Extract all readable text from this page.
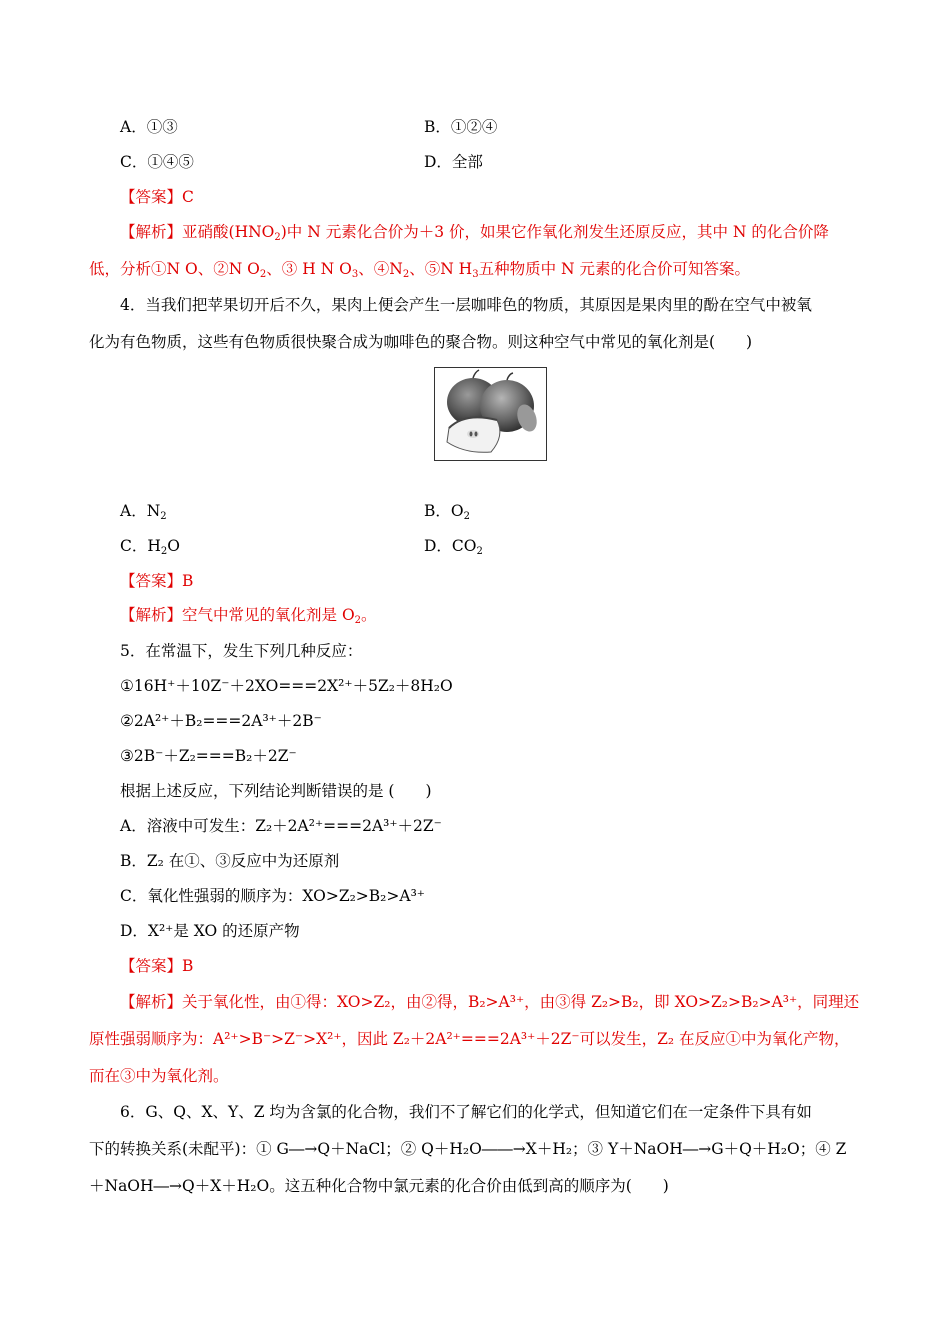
A．①③	B．①②④
C．①④⑤	D．全部
【答案】C
【解析】亚硝酸$(HNO_2)$中 N 元素化合价为＋3 价，如果它作氧化剂发生还原反应，其中 N 的化合价降
低，分析①N O、②N $O_2$、③ H N $O_3$、$④N_2$、⑤N $H_3$五种物质中 N 元素的化合价可知答案。
4．当我们把苹果切开后不久，果肉上便会产生一层咖啡色的物质，其原因是果肉里的酚在空气中被氧
化为有色物质，这些有色物质很快聚合成为咖啡色的聚合物。则这种空气中常见的氧化剂是(　　)
A．$N_2$	B．$O_2$
C．$H_2O$	D．$CO_2$
【答案】B
【解析】空气中常见的氧化剂是 $O_2$。
5．在常温下，发生下列几种反应：
①16H⁺＋10Z⁻＋2XO===2X²⁺＋5Z₂＋8H₂O
②2A²⁺＋B₂===2A³⁺＋2B⁻
③2B⁻＋Z₂===B₂＋2Z⁻
根据上述反应，下列结论判断错误的是 (　　)
A．溶液中可发生：Z₂＋2A²⁺===2A³⁺＋2Z⁻
B．Z₂ 在①、③反应中为还原剂
C．氧化性强弱的顺序为：XO>Z₂>B₂>A³⁺
D．X²⁺是 XO 的还原产物
【答案】B
【解析】关于氧化性，由①得：XO>Z₂，由②得，B₂>A³⁺，由③得 Z₂>B₂，即 XO>Z₂>B₂>A³⁺，同理还
原性强弱顺序为：A²⁺>B⁻>Z⁻>X²⁺，因此 Z₂＋2A²⁺===2A³⁺＋2Z⁻可以发生，Z₂ 在反应①中为氧化产物，
而在③中为氧化剂。
6．G、Q、X、Y、Z 均为含氯的化合物，我们不了解它们的化学式，但知道它们在一定条件下具有如
下的转换关系(未配平)：① G―→Q＋NaCl；② Q＋H₂O――→X＋H₂；③ Y＋NaOH―→G＋Q＋H₂O；④ Z
＋NaOH―→Q＋X＋H₂O。这五种化合物中氯元素的化合价由低到高的顺序为(　　)
